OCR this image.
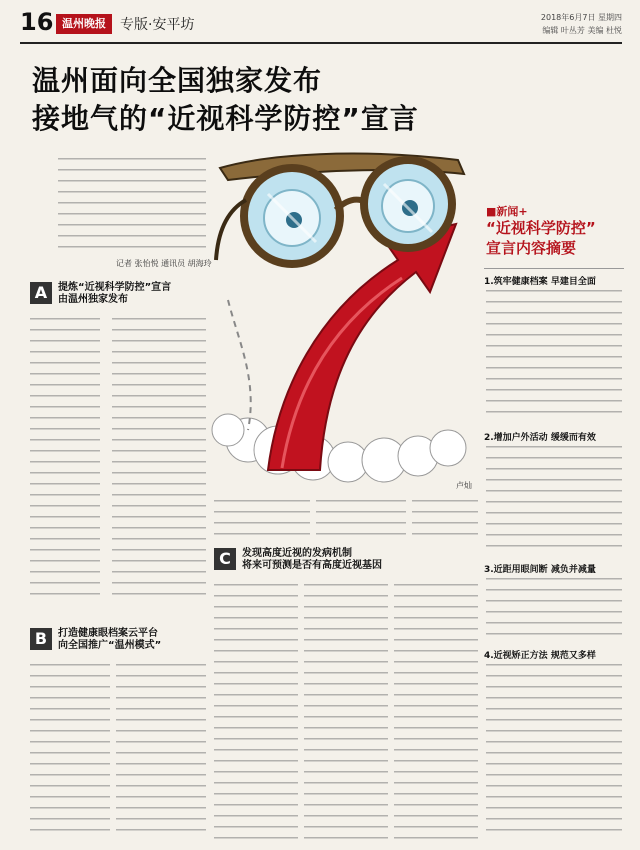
16 温州晚报	专版·安平坊	2018年6月7日 星期四
编辑 叶丛芳 美编 杜悦
温州面向全国独家发布
接地气的“近视科学防控”宣言
记者 张怡悦 通讯员 胡海玲
A	提炼“近视科学防控”宣言
由温州独家发布
B	打造健康眼档案云平台
向全国推广“温州模式”
C	发现高度近视的发病机制
将来可预测是否有高度近视基因
卢灿
■新闻+
“近视科学防控”
宣言内容摘要
1.筑牢健康档案 早建目全面
2.增加户外活动 缓缓而有效
3.近距用眼间断 减负并减量
4.近视矫正方法 规范又多样
